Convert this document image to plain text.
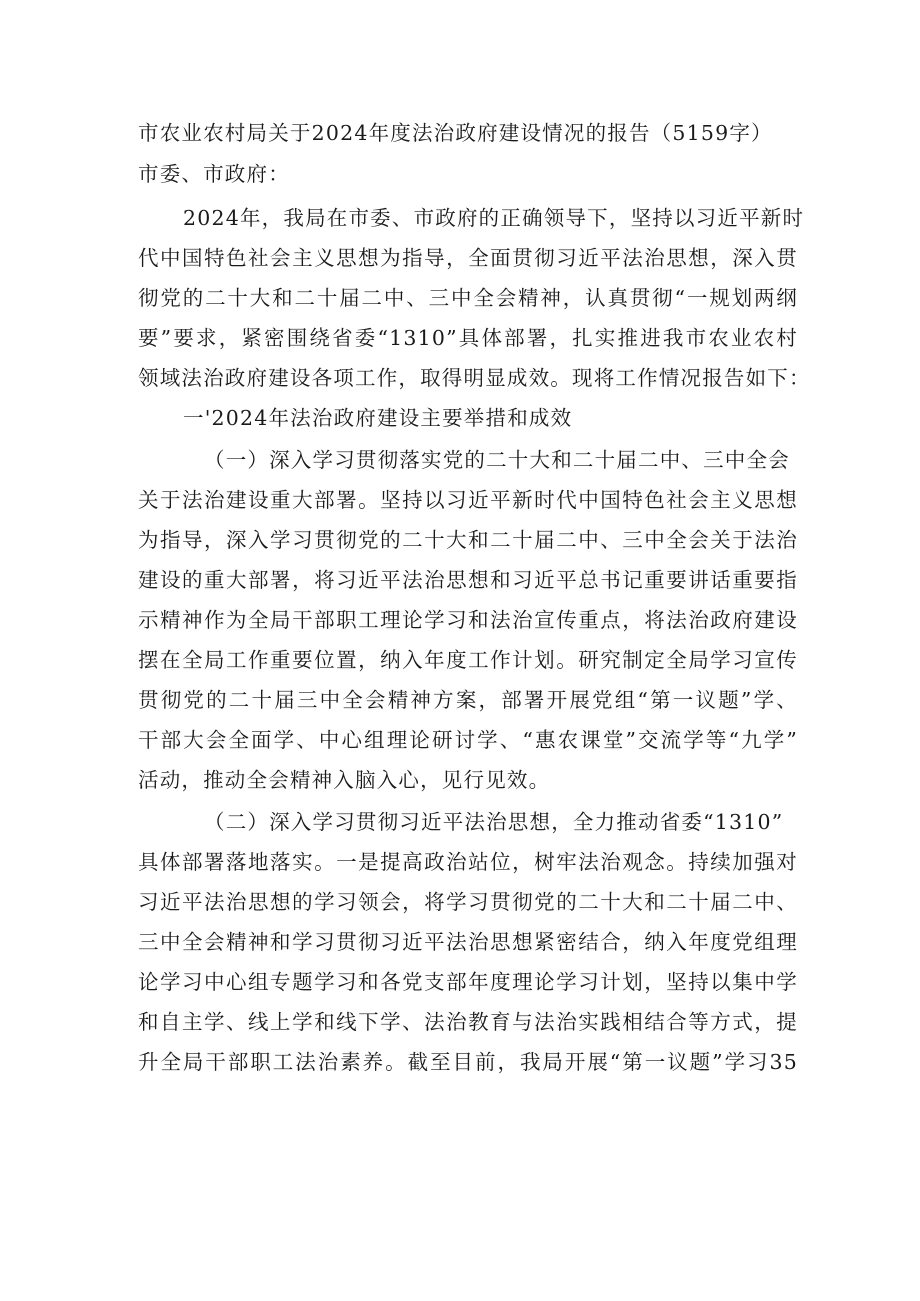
市农业农村局关于2024年度法治政府建设情况的报告（5159字）
市委、市政府：
2024年，我局在市委、市政府的正确领导下，坚持以习近平新时
代中国特色社会主义思想为指导，全面贯彻习近平法治思想，深入贯
彻党的二十大和二十届二中、三中全会精神，认真贯彻“一规划两纲
要”要求，紧密围绕省委“1310”具体部署，扎实推进我市农业农村
领域法治政府建设各项工作，取得明显成效。现将工作情况报告如下：
一'2024年法治政府建设主要举措和成效
（一）深入学习贯彻落实党的二十大和二十届二中、三中全会
关于法治建设重大部署。坚持以习近平新时代中国特色社会主义思想
为指导，深入学习贯彻党的二十大和二十届二中、三中全会关于法治
建设的重大部署，将习近平法治思想和习近平总书记重要讲话重要指
示精神作为全局干部职工理论学习和法治宣传重点，将法治政府建设
摆在全局工作重要位置，纳入年度工作计划。研究制定全局学习宣传
贯彻党的二十届三中全会精神方案，部署开展党组“第一议题”学、
干部大会全面学、中心组理论研讨学、“惠农课堂”交流学等“九学”
活动，推动全会精神入脑入心，见行见效。
（二）深入学习贯彻习近平法治思想，全力推动省委“1310”
具体部署落地落实。一是提高政治站位，树牢法治观念。持续加强对
习近平法治思想的学习领会，将学习贯彻党的二十大和二十届二中、
三中全会精神和学习贯彻习近平法治思想紧密结合，纳入年度党组理
论学习中心组专题学习和各党支部年度理论学习计划，坚持以集中学
和自主学、线上学和线下学、法治教育与法治实践相结合等方式，提
升全局干部职工法治素养。截至目前，我局开展“第一议题”学习35
